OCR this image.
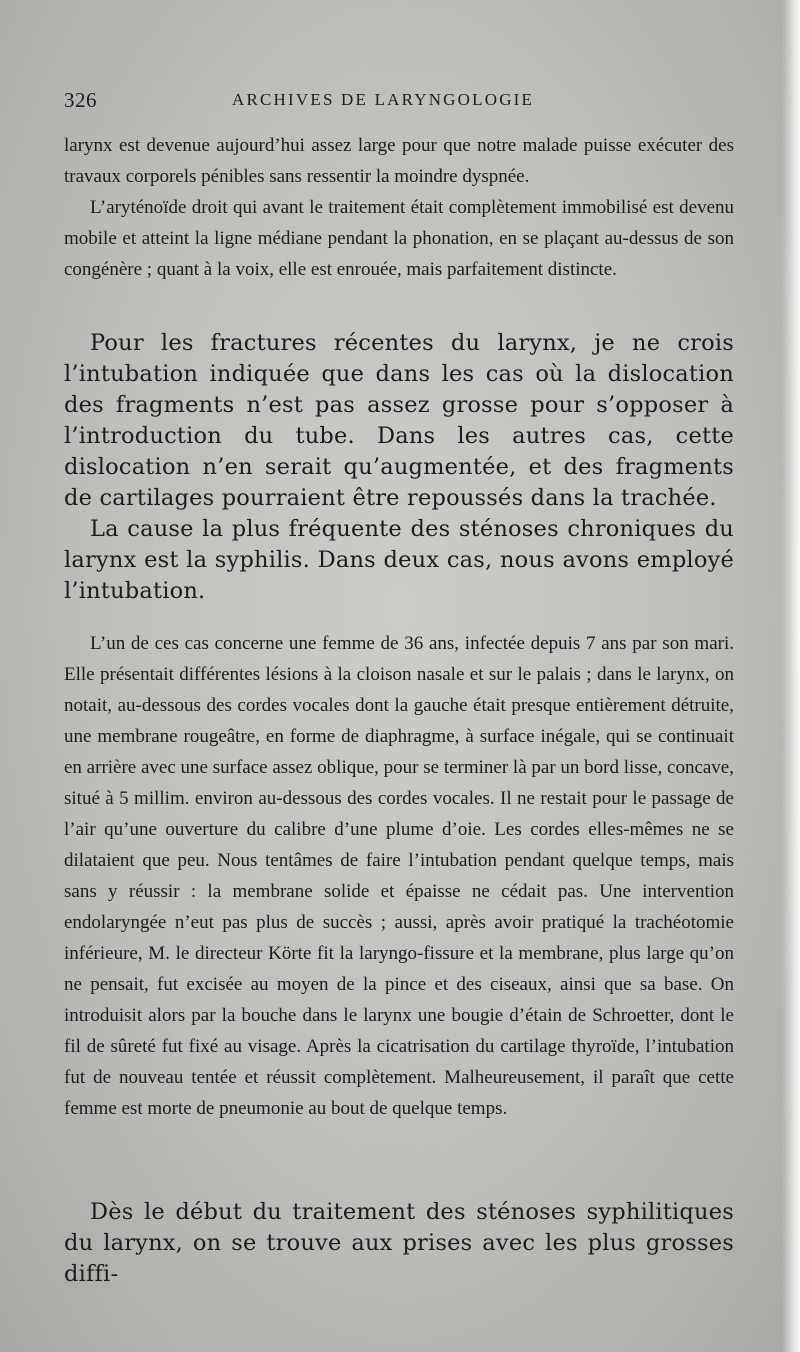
326	ARCHIVES DE LARYNGOLOGIE

larynx est devenue aujourd’hui assez large pour que notre malade puisse exécuter des travaux corporels pénibles sans ressentir la moindre dyspnée.

L’aryténoïde droit qui avant le traitement était complètement immobilisé est devenu mobile et atteint la ligne médiane pendant la phonation, en se plaçant au-dessus de son congénère ; quant à la voix, elle est enrouée, mais parfaitement distincte.

Pour les fractures récentes du larynx, je ne crois l’intubation indiquée que dans les cas où la dislocation des fragments n’est pas assez grosse pour s’opposer à l’introduction du tube. Dans les autres cas, cette dislocation n’en serait qu’augmentée, et des fragments de cartilages pourraient être repoussés dans la trachée.

La cause la plus fréquente des sténoses chroniques du larynx est la syphilis. Dans deux cas, nous avons employé l’intubation.

L’un de ces cas concerne une femme de 36 ans, infectée depuis 7 ans par son mari. Elle présentait différentes lésions à la cloison nasale et sur le palais ; dans le larynx, on notait, au-dessous des cordes vocales dont la gauche était presque entièrement détruite, une membrane rougeâtre, en forme de diaphragme, à surface inégale, qui se continuait en arrière avec une surface assez oblique, pour se terminer là par un bord lisse, concave, situé à 5 millim. environ au-dessous des cordes vocales. Il ne restait pour le passage de l’air qu’une ouverture du calibre d’une plume d’oie. Les cordes elles-mêmes ne se dilataient que peu. Nous tentâmes de faire l’intubation pendant quelque temps, mais sans y réussir : la membrane solide et épaisse ne cédait pas. Une intervention endolaryngée n’eut pas plus de succès ; aussi, après avoir pratiqué la trachéotomie inférieure, M. le directeur Körte fit la laryngo-fissure et la membrane, plus large qu’on ne pensait, fut excisée au moyen de la pince et des ciseaux, ainsi que sa base. On introduisit alors par la bouche dans le larynx une bougie d’étain de Schroetter, dont le fil de sûreté fut fixé au visage. Après la cicatrisation du cartilage thyroïde, l’intubation fut de nouveau tentée et réussit complètement. Malheureusement, il paraît que cette femme est morte de pneumonie au bout de quelque temps.

Dès le début du traitement des sténoses syphilitiques du larynx, on se trouve aux prises avec les plus grosses diffi-
